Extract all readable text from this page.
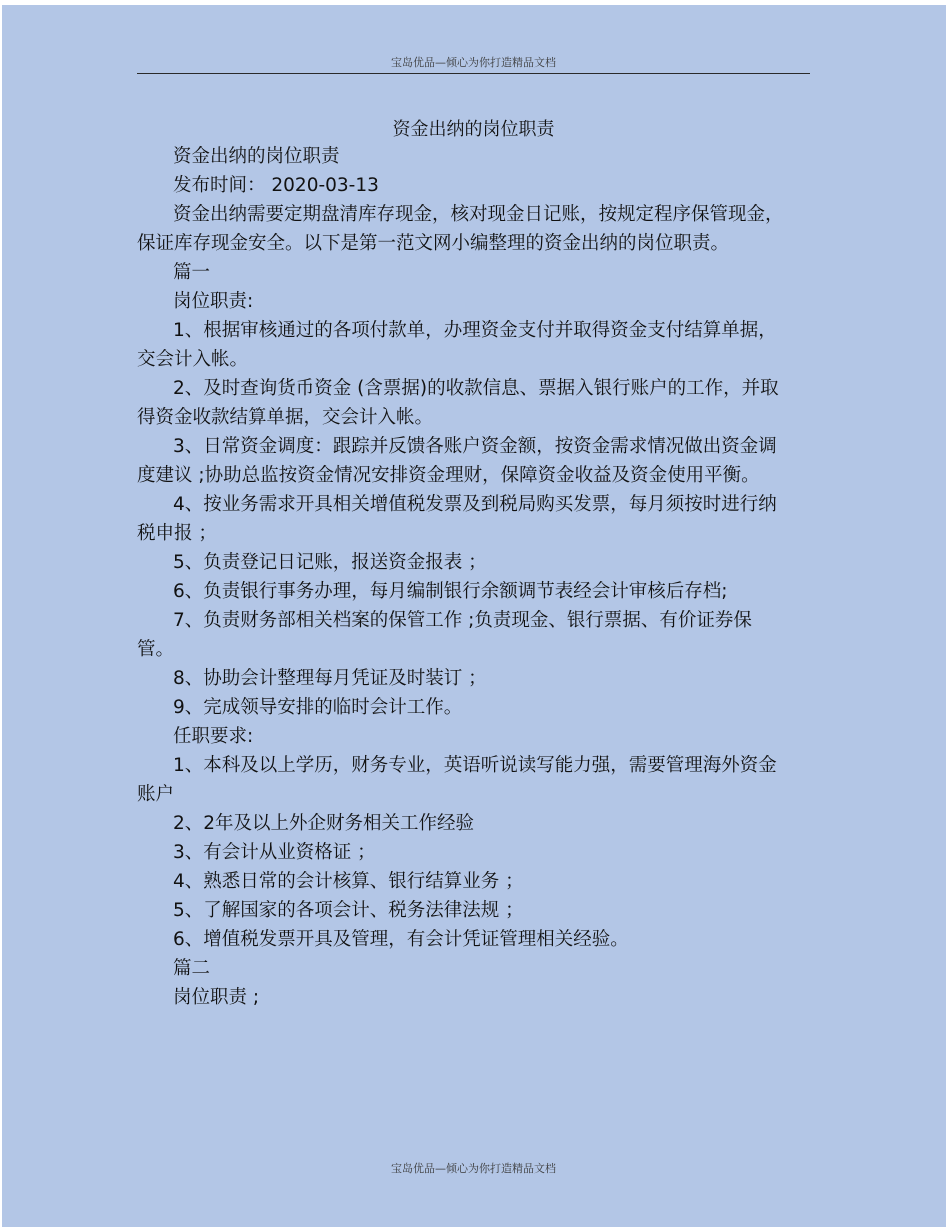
宝岛优品—倾心为你打造精品文档
资金出纳的岗位职责

资金出纳的岗位职责

发布时间： 2020-03-13

资金出纳需要定期盘清库存现金，核对现金日记账，按规定程序保管现金，保证库存现金安全。以下是第一范文网小编整理的资金出纳的岗位职责。

篇一

岗位职责:

1、根据审核通过的各项付款单，办理资金支付并取得资金支付结算单据，交会计入帐。

2、及时查询货币资金 (含票据)的收款信息、票据入银行账户的工作，并取得资金收款结算单据，交会计入帐。

3、日常资金调度：跟踪并反馈各账户资金额，按资金需求情况做出资金调度建议 ;协助总监按资金情况安排资金理财，保障资金收益及资金使用平衡。

4、按业务需求开具相关增值税发票及到税局购买发票，每月须按时进行纳税申报 ；

5、负责登记日记账，报送资金报表 ；

6、负责银行事务办理，每月编制银行余额调节表经会计审核后存档;

7、负责财务部相关档案的保管工作 ;负责现金、银行票据、有价证券保管。

8、协助会计整理每月凭证及时装订 ；

9、完成领导安排的临时会计工作。

任职要求:

1、本科及以上学历，财务专业，英语听说读写能力强，需要管理海外资金账户

2、2年及以上外企财务相关工作经验

3、有会计从业资格证 ；

4、熟悉日常的会计核算、银行结算业务 ；

5、了解国家的各项会计、税务法律法规 ；

6、增值税发票开具及管理，有会计凭证管理相关经验。

篇二

岗位职责 ;

宝岛优品—倾心为你打造精品文档
